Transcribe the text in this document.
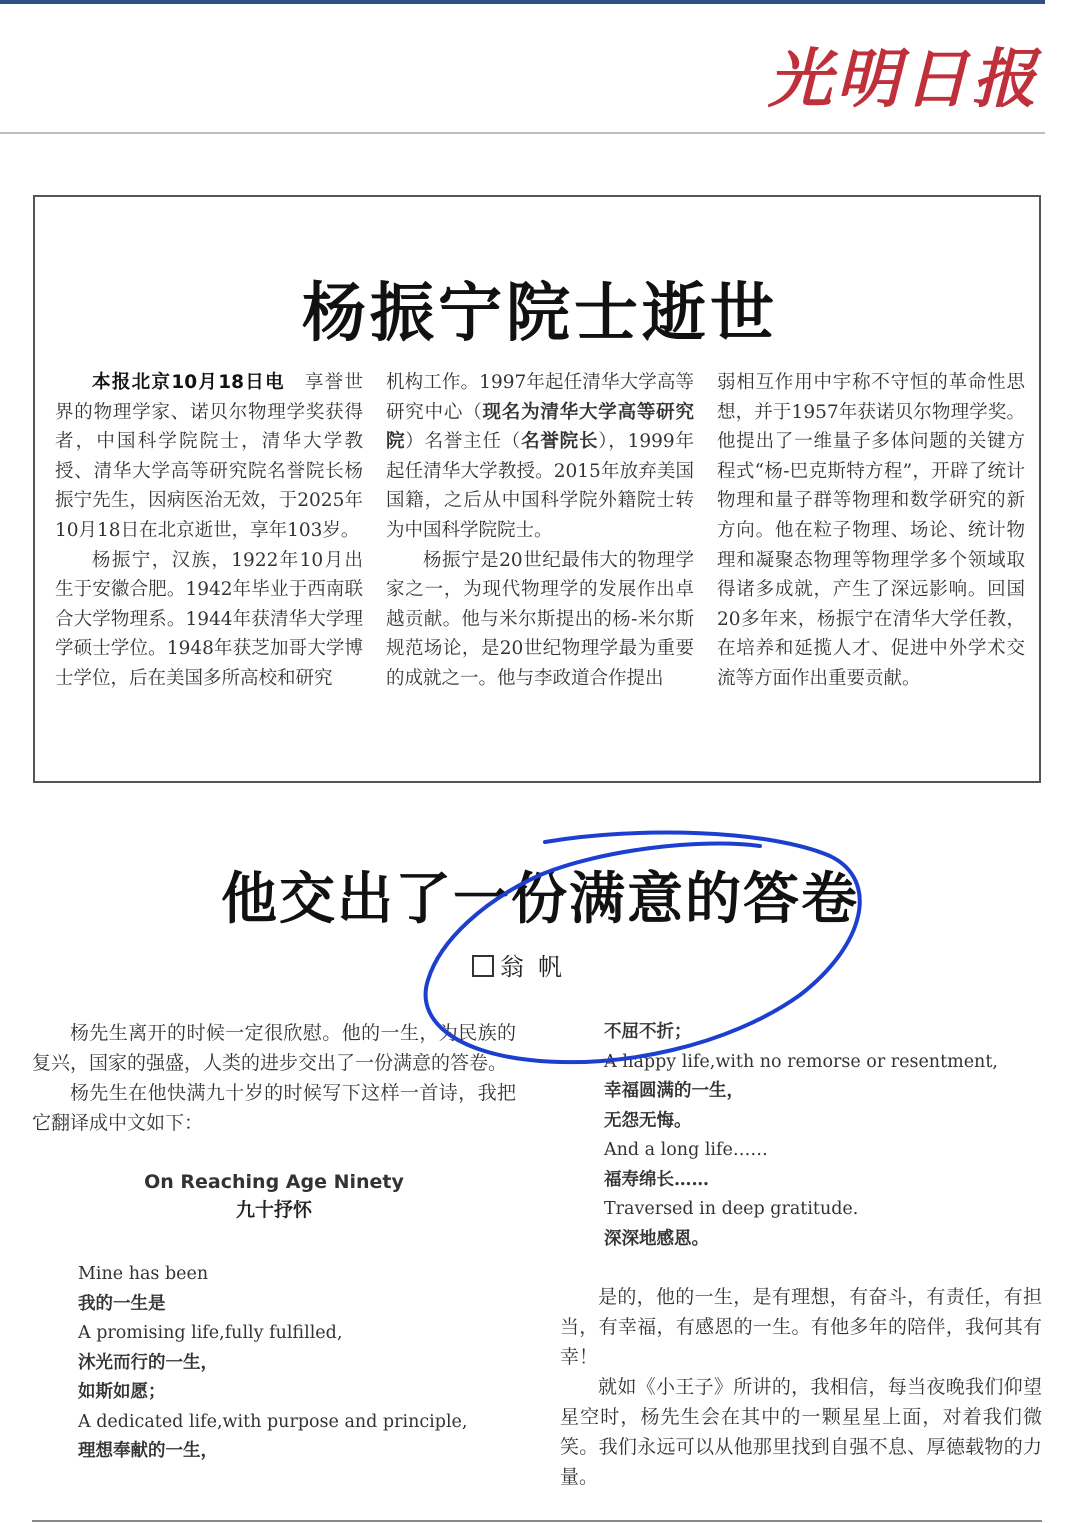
光明日报
杨振宁院士逝世

本报北京10月18日电　 享誉世界的物理学家、诺贝尔物理学奖获得者，中国科学院院士，清华大学教授、清华大学高等研究院名誉院长杨振宁先生，因病医治无效，于2025年10月18日在北京逝世，享年103岁。

杨振宁，汉族，1922年10月出生于安徽合肥。1942年毕业于西南联合大学物理系。1944年获清华大学理学硕士学位。1948年获芝加哥大学博士学位，后在美国多所高校和研究

机构工作。1997年起任清华大学高等研究中心（现名为清华大学高等研究院）名誉主任（名誉院长），1999年起任清华大学教授。2015年放弃美国国籍，之后从中国科学院外籍院士转为中国科学院院士。

杨振宁是20世纪最伟大的物理学家之一，为现代物理学的发展作出卓越贡献。他与米尔斯提出的杨-米尔斯规范场论，是20世纪物理学最为重要的成就之一。他与李政道合作提出

弱相互作用中宇称不守恒的革命性思想，并于1957年获诺贝尔物理学奖。他提出了一维量子多体问题的关键方程式“杨-巴克斯特方程”，开辟了统计物理和量子群等物理和数学研究的新方向。他在粒子物理、场论、统计物理和凝聚态物理等物理学多个领域取得诸多成就，产生了深远影响。回国20多年来，杨振宁在清华大学任教，在培养和延揽人才、促进中外学术交流等方面作出重要贡献。

他交出了一份满意的答卷
翁帆

杨先生离开的时候一定很欣慰。他的一生，为民族的复兴，国家的强盛，人类的进步交出了一份满意的答卷。

杨先生在他快满九十岁的时候写下这样一首诗，我把它翻译成中文如下：

On Reaching Age Ninety
九十抒怀
Mine has been
我的一生是
A promising life,fully fulfilled,
沐光而行的一生，
如斯如愿；
A dedicated life,with purpose and principle,
理想奉献的一生，
不屈不折；
A happy life,with no remorse or resentment,
幸福圆满的一生，
无怨无悔。
And a long life……
福寿绵长……
Traversed in deep gratitude.
深深地感恩。

是的，他的一生，是有理想，有奋斗，有责任，有担当，有幸福，有感恩的一生。有他多年的陪伴，我何其有幸！

就如《小王子》所讲的，我相信，每当夜晚我们仰望星空时，杨先生会在其中的一颗星星上面，对着我们微笑。我们永远可以从他那里找到自强不息、厚德载物的力量。
